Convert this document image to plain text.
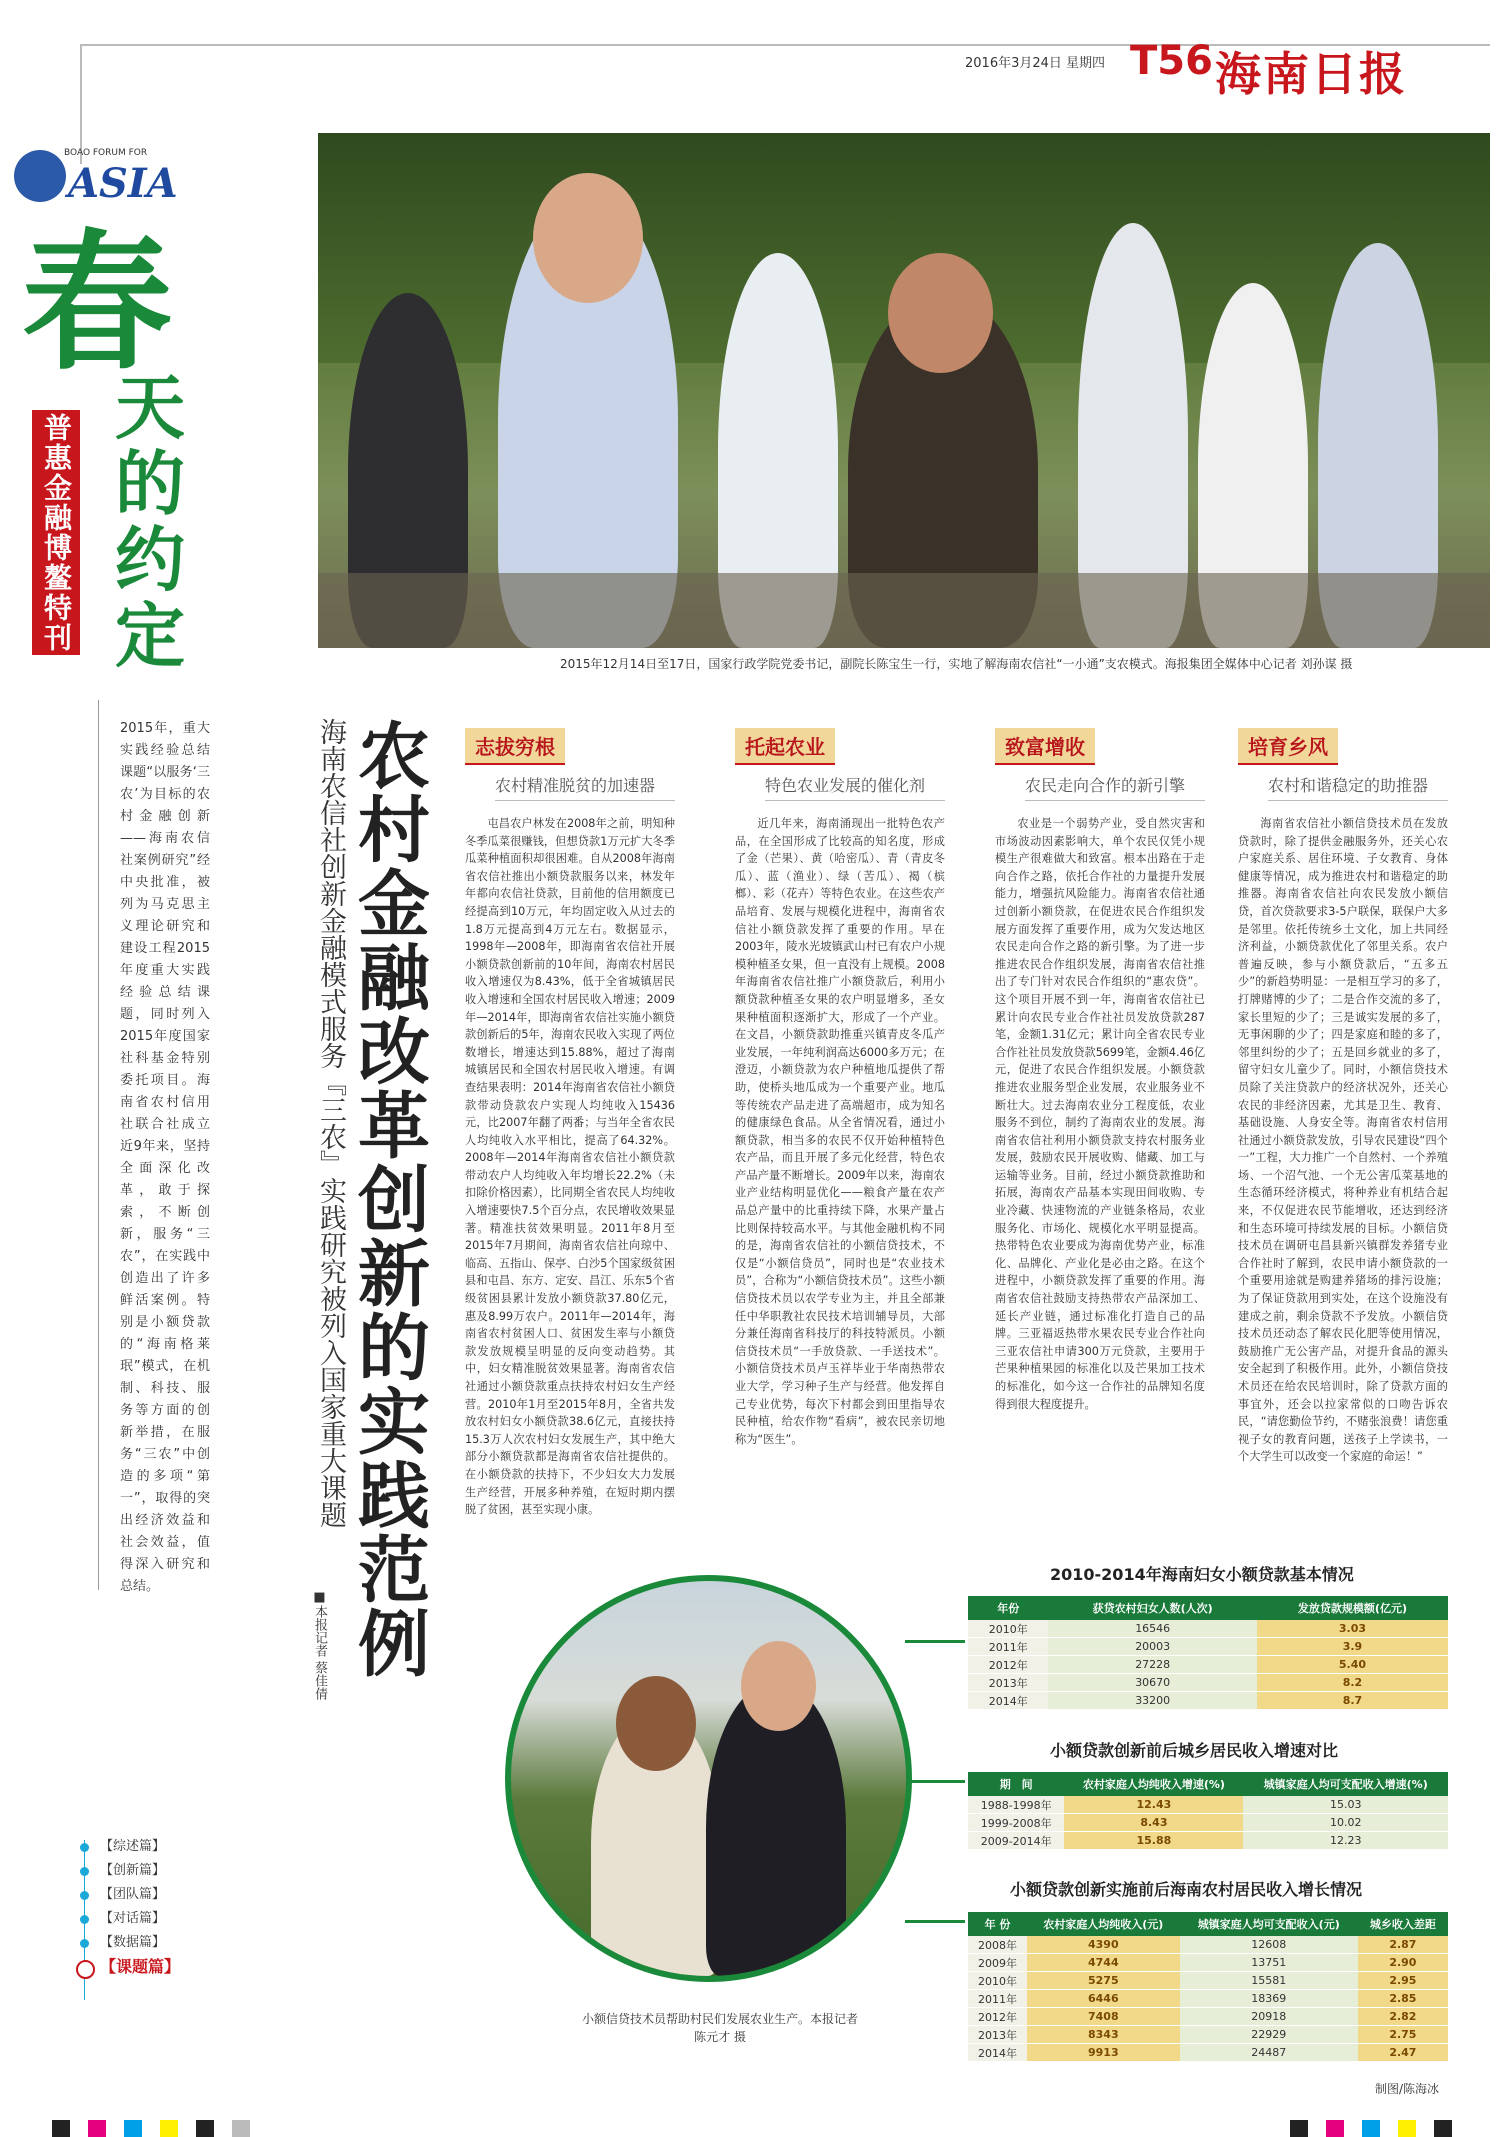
2016年3月24日 星期四 T56 海南日报
BOAO FORUM FOR
ASIA
春
天的约定
普惠金融博鳌特刊
2015年12月14日至17日，国家行政学院党委书记，副院长陈宝生一行，实地了解海南农信社“一小通”支农模式。海报集团全媒体中心记者 刘孙谋 摄
2015年，重大实践经验总结课题“以服务‘三农’为目标的农村金融创新——海南农信社案例研究”经中央批准，被列为马克思主义理论研究和建设工程2015年度重大实践经验总结课题，同时列入2015年度国家社科基金特别委托项目。海南省农村信用社联合社成立近9年来，坚持全面深化改革，敢于探索，不断创新，服务“三农”，在实践中创造出了许多鲜活案例。特别是小额贷款的“海南格莱珉”模式，在机制、科技、服务等方面的创新举措，在服务“三农”中创造的多项“第一”，取得的突出经济效益和社会效益，值得深入研究和总结。	农村金融改革创新的实践范例
海南农信社创新金融模式服务『三农』实践研究被列入国家重大课题
■本报记者 蔡佳倩
志拔穷根
农村精准脱贫的加速器

屯昌农户林发在2008年之前，明知种冬季瓜菜很赚钱，但想贷款1万元扩大冬季瓜菜种植面积却很困难。自从2008年海南省农信社推出小额贷款服务以来，林发年年都向农信社贷款，目前他的信用额度已经提高到10万元，年均固定收入从过去的1.8万元提高到4万元左右。数据显示，1998年—2008年，即海南省农信社开展小额贷款创新前的10年间，海南农村居民收入增速仅为8.43%，低于全省城镇居民收入增速和全国农村居民收入增速；2009年—2014年，即海南省农信社实施小额贷款创新后的5年，海南农民收入实现了两位数增长，增速达到15.88%，超过了海南城镇居民和全国农村居民收入增速。有调查结果表明：2014年海南省农信社小额贷款带动贷款农户实现人均纯收入15436元，比2007年翻了两番；与当年全省农民人均纯收入水平相比，提高了64.32%。2008年—2014年海南省农信社小额贷款带动农户人均纯收入年均增长22.2%（未扣除价格因素），比同期全省农民人均纯收入增速要快7.5个百分点，农民增收效果显著。精准扶贫效果明显。2011年8月至2015年7月期间，海南省农信社向琼中、临高、五指山、保亭、白沙5个国家级贫困县和屯昌、东方、定安、昌江、乐东5个省级贫困县累计发放小额贷款37.80亿元，惠及8.99万农户。2011年—2014年，海南省农村贫困人口、贫困发生率与小额贷款发放规模呈明显的反向变动趋势。其中，妇女精准脱贫效果显著。海南省农信社通过小额贷款重点扶持农村妇女生产经营。2010年1月至2015年8月，全省共发放农村妇女小额贷款38.6亿元，直接扶持15.3万人次农村妇女发展生产，其中绝大部分小额贷款都是海南省农信社提供的。在小额贷款的扶持下，不少妇女大力发展生产经营，开展多种养殖，在短时期内摆脱了贫困，甚至实现小康。

托起农业
特色农业发展的催化剂

近几年来，海南涌现出一批特色农产品，在全国形成了比较高的知名度，形成了金（芒果）、黄（哈密瓜）、青（青皮冬瓜）、蓝（渔业）、绿（苦瓜）、褐（槟榔）、彩（花卉）等特色农业。在这些农产品培育、发展与规模化进程中，海南省农信社小额贷款发挥了重要的作用。早在2003年，陵水光坡镇武山村已有农户小规模种植圣女果，但一直没有上规模。2008年海南省农信社推广小额贷款后，利用小额贷款种植圣女果的农户明显增多，圣女果种植面积逐渐扩大，形成了一个产业。在文昌，小额贷款助推重兴镇青皮冬瓜产业发展，一年纯利润高达6000多万元；在澄迈，小额贷款为农户种植地瓜提供了帮助，使桥头地瓜成为一个重要产业。地瓜等传统农产品走进了高端超市，成为知名的健康绿色食品。从全省情况看，通过小额贷款，相当多的农民不仅开始种植特色农产品，而且开展了多元化经营，特色农产品产量不断增长。2009年以来，海南农业产业结构明显优化——粮食产量在农产品总产量中的比重持续下降，水果产量占比则保持较高水平。与其他金融机构不同的是，海南省农信社的小额信贷技术，不仅是“小额信贷员”，同时也是“农业技术员”，合称为“小额信贷技术员”。这些小额信贷技术员以农学专业为主，并且全部兼任中华职教社农民技术培训辅导员，大部分兼任海南省科技厅的科技特派员。小额信贷技术员“一手放贷款、一手送技术”。小额信贷技术员卢玉祥毕业于华南热带农业大学，学习种子生产与经营。他发挥自己专业优势，每次下村都会到田里指导农民种植，给农作物“看病”，被农民亲切地称为“医生”。

致富增收
农民走向合作的新引擎

农业是一个弱势产业，受自然灾害和市场波动因素影响大，单个农民仅凭小规模生产很难做大和致富。根本出路在于走向合作之路，依托合作社的力量提升发展能力，增强抗风险能力。海南省农信社通过创新小额贷款，在促进农民合作组织发展方面发挥了重要作用，成为欠发达地区农民走向合作之路的新引擎。为了进一步推进农民合作组织发展，海南省农信社推出了专门针对农民合作组织的“惠农贷”。这个项目开展不到一年，海南省农信社已累计向农民专业合作社社员发放贷款287笔，金额1.31亿元；累计向全省农民专业合作社社员发放贷款5699笔，金额4.46亿元，促进了农民合作组织发展。小额贷款推进农业服务型企业发展，农业服务业不断壮大。过去海南农业分工程度低，农业服务不到位，制约了海南农业的发展。海南省农信社利用小额贷款支持农村服务业发展，鼓励农民开展收购、储藏、加工与运输等业务。目前，经过小额贷款推助和拓展，海南农产品基本实现田间收购、专业冷藏、快速物流的产业链条格局，农业服务化、市场化、规模化水平明显提高。热带特色农业要成为海南优势产业，标准化、品牌化、产业化是必由之路。在这个进程中，小额贷款发挥了重要的作用。海南省农信社鼓励支持热带农产品深加工、延长产业链，通过标准化打造自己的品牌。三亚福返热带水果农民专业合作社向三亚农信社申请300万元贷款，主要用于芒果种植果园的标准化以及芒果加工技术的标准化，如今这一合作社的品牌知名度得到很大程度提升。

培育乡风
农村和谐稳定的助推器

海南省农信社小额信贷技术员在发放贷款时，除了提供金融服务外，还关心农户家庭关系、居住环境、子女教育、身体健康等情况，成为推进农村和谐稳定的助推器。海南省农信社向农民发放小额信贷，首次贷款要求3-5户联保，联保户大多是邻里。依托传统乡土文化，加上共同经济利益，小额贷款优化了邻里关系。农户普遍反映，参与小额贷款后，“五多五少”的新趋势明显：一是相互学习的多了，打牌赌博的少了；二是合作交流的多了，家长里短的少了；三是诚实发展的多了，无事闲聊的少了；四是家庭和睦的多了，邻里纠纷的少了；五是回乡就业的多了，留守妇女儿童少了。同时，小额信贷技术员除了关注贷款户的经济状况外，还关心农民的非经济因素，尤其是卫生、教育、基础设施、人身安全等。海南省农村信用社通过小额贷款发放，引导农民建设“四个一”工程，大力推广一个自然村、一个养殖场、一个沼气池、一个无公害瓜菜基地的生态循环经济模式，将种养业有机结合起来，不仅促进农民节能增收，还达到经济和生态环境可持续发展的目标。小额信贷技术员在调研屯昌县新兴镇群发养猪专业合作社时了解到，农民申请小额贷款的一个重要用途就是购建养猪场的排污设施；为了保证贷款用到实处，在这个设施没有建成之前，剩余贷款不予发放。小额信贷技术员还动态了解农民化肥等使用情况，鼓励推广无公害产品，对提升食品的源头安全起到了积极作用。此外，小额信贷技术员还在给农民培训时，除了贷款方面的事宜外，还会以拉家常似的口吻告诉农民，“请您勤俭节约，不赌张浪费！请您重视子女的教育问题，送孩子上学读书，一个大学生可以改变一个家庭的命运！”

2010-2014年海南妇女小额贷款基本情况
年份	获贷农村妇女人数(人次)	发放贷款规模额(亿元)
2010年	16546	3.03
2011年	20003	3.9
2012年	27228	5.40
2013年	30670	8.2
2014年	33200	8.7
小额贷款创新前后城乡居民收入增速对比
期　间	农村家庭人均纯收入增速(%)	城镇家庭人均可支配收入增速(%)
1988-1998年	12.43	15.03
1999-2008年	8.43	10.02
2009-2014年	15.88	12.23
小额贷款创新实施前后海南农村居民收入增长情况
年 份	农村家庭人均纯收入(元)	城镇家庭人均可支配收入(元)	城乡收入差距
2008年	4390	12608	2.87
2009年	4744	13751	2.90
2010年	5275	15581	2.95
2011年	6446	18369	2.85
2012年	7408	20918	2.82
2013年	8343	22929	2.75
2014年	9913	24487	2.47
小额信贷技术员帮助村民们发展农业生产。本报记者 陈元才 摄
【综述篇】
【创新篇】
【团队篇】
【对话篇】
【数据篇】
【课题篇】
制图/陈海冰
